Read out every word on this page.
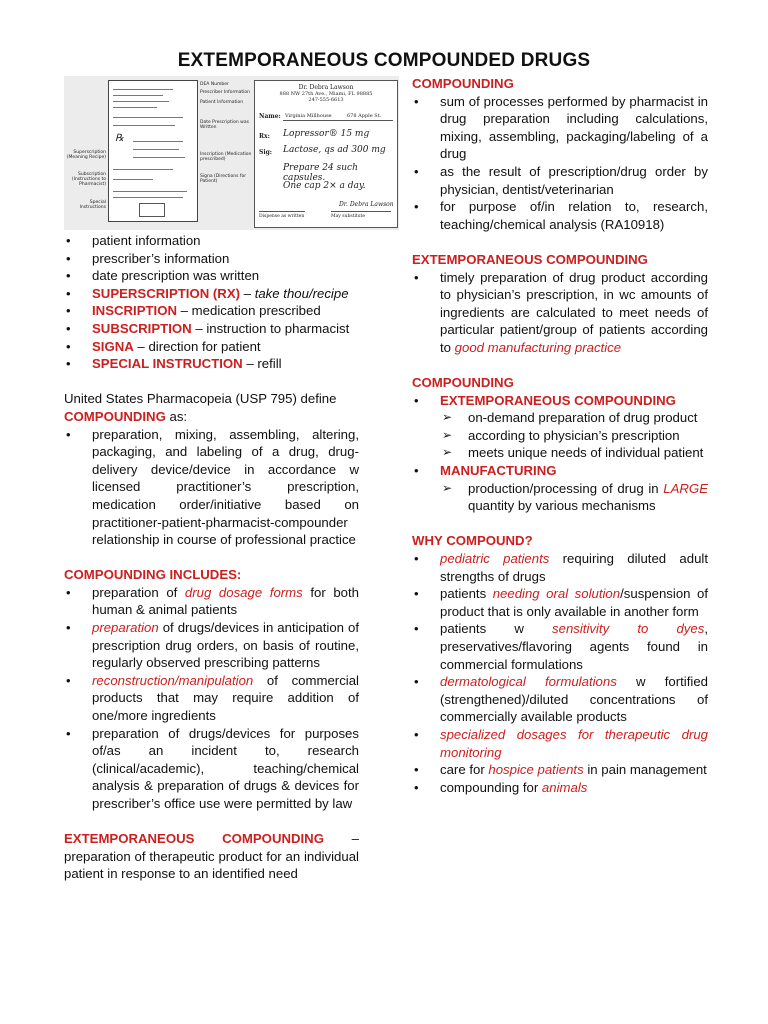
EXTEMPORANEOUS COMPOUNDED DRUGS
℞
DEA Number
Prescriber Information
Patient Information
Date Prescription was Written
Inscription (Medication prescribed)
Signa (Directions for Patient)
Superscription (Meaning Recipe)
Subscription (Instructions to Pharmacist)
Special Instructions
Dr. Debra Lawson
888 NW 27th Ave., Miami, FL 98885
247-555-6613
Name: Virginia Millhouse	678 Apple St.
Rx: Lopressor® 15 mg
Sig: Lactose, qs ad 300 mg
Prepare 24 such capsules.
One cap 2× a day.
Dr. Debra Lawson
Dispense as written	May substitute
• patient information
• prescriber’s information
• date prescription was written
• SUPERSCRIPTION (RX) – take thou/recipe
• INSCRIPTION – medication prescribed
• SUBSCRIPTION – instruction to pharmacist
• SIGNA – direction for patient
• SPECIAL INSTRUCTION – refill

United States Pharmacopeia (USP 795) define
COMPOUNDING as:

• preparation, mixing, assembling, altering, packaging, and labeling of a drug, drug-delivery device/device in accordance w licensed practitioner’s prescription, medication order/initiative based on practitioner-patient-pharmacist-compounder relationship in course of professional practice

COMPOUNDING INCLUDES:

• preparation of drug dosage forms for both human & animal patients
• preparation of drugs/devices in anticipation of prescription drug orders, on basis of routine, regularly observed prescribing patterns
• reconstruction/manipulation of commercial products that may require addition of one/more ingredients
• preparation of drugs/devices for purposes of/as an incident to, research (clinical/academic), teaching/chemical analysis & preparation of drugs & devices for prescriber’s office use were permitted by law

EXTEMPORANEOUS COMPOUNDING – preparation of therapeutic product for an individual patient in response to an identified need

COMPOUNDING

• sum of processes performed by pharmacist in drug preparation including calculations, mixing, assembling, packaging/labeling of a drug
• as the result of prescription/drug order by physician, dentist/veterinarian
• for purpose of/in relation to, research, teaching/chemical analysis (RA10918)

EXTEMPORANEOUS COMPOUNDING

• timely preparation of drug product according to physician’s prescription, in wc amounts of ingredients are calculated to meet needs of particular patient/group of patients according to good manufacturing practice

COMPOUNDING

• EXTEMPORANEOUS COMPOUNDING
➢ on-demand preparation of drug product
➢ according to physician’s prescription
➢ meets unique needs of individual patient
• MANUFACTURING
➢ production/processing of drug in LARGE quantity by various mechanisms

WHY COMPOUND?

• pediatric patients requiring diluted adult strengths of drugs
• patients needing oral solution/suspension of product that is only available in another form
• patients w sensitivity to dyes, preservatives/flavoring agents found in commercial formulations
• dermatological formulations w fortified (strengthened)/diluted concentrations of commercially available products
• specialized dosages for therapeutic drug monitoring
• care for hospice patients in pain management
• compounding for animals
